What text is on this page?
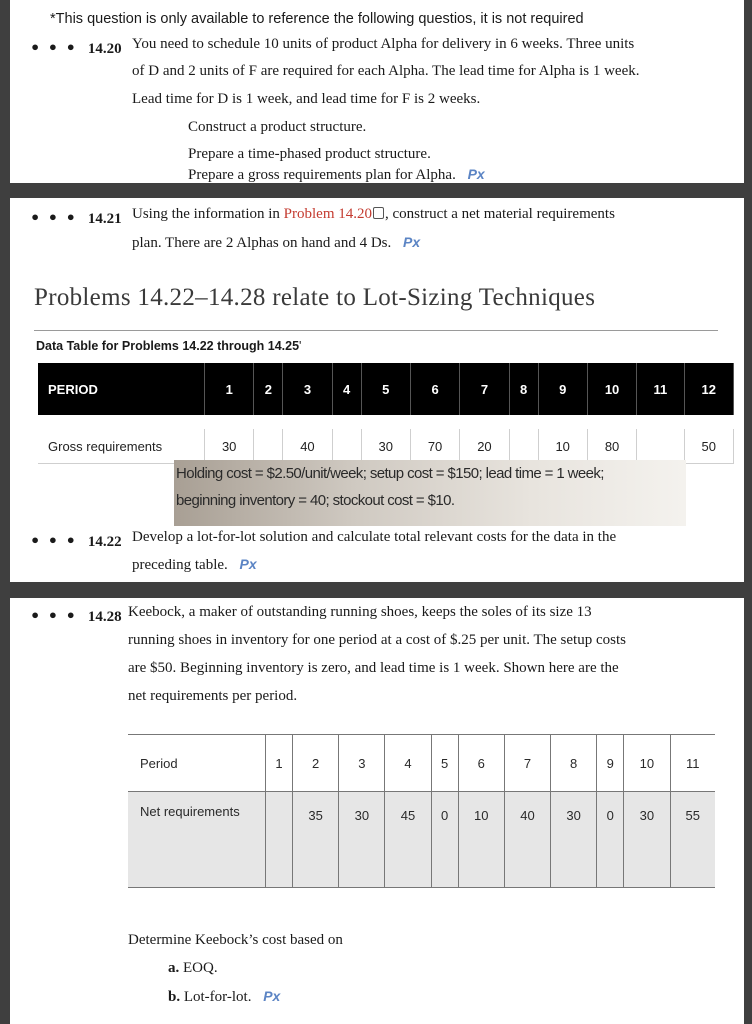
*This question is only available to reference the following questios, it is not required
• • • 14.20 You need to schedule 10 units of product Alpha for delivery in 6 weeks. Three units
of D and 2 units of F are required for each Alpha. The lead time for Alpha is 1 week.
Lead time for D is 1 week, and lead time for F is 2 weeks.
Construct a product structure.
Prepare a time-phased product structure.
Prepare a gross requirements plan for Alpha. Px
• • • 14.21 Using the information in Problem 14.20 , construct a net material requirements
plan. There are 2 Alphas on hand and 4 Ds. Px
Problems 14.22–14.28 relate to Lot-Sizing Techniques
Data Table for Problems 14.22 through 14.25'
PERIOD	1	2	3	4	5	6	7	8	9	10	11	12

Gross requirements	30		40		30	70	20		10	80		50
Holding cost = $2.50/unit/week; setup cost = $150; lead time = 1 week;
beginning inventory = 40; stockout cost = $10.
• • • 14.22 Develop a lot-for-lot solution and calculate total relevant costs for the data in the
preceding table. Px
• • • 14.28 Keebock, a maker of outstanding running shoes, keeps the soles of its size 13
running shoes in inventory for one period at a cost of $.25 per unit. The setup costs
are $50. Beginning inventory is zero, and lead time is 1 week. Shown here are the
net requirements per period.
Period	1	2	3	4	5	6	7	8	9	10	11
Net requirements		35	30	45	0	10	40	30	0	30	55
Determine Keebock’s cost based on
a. EOQ.
b. Lot-for-lot. Px
